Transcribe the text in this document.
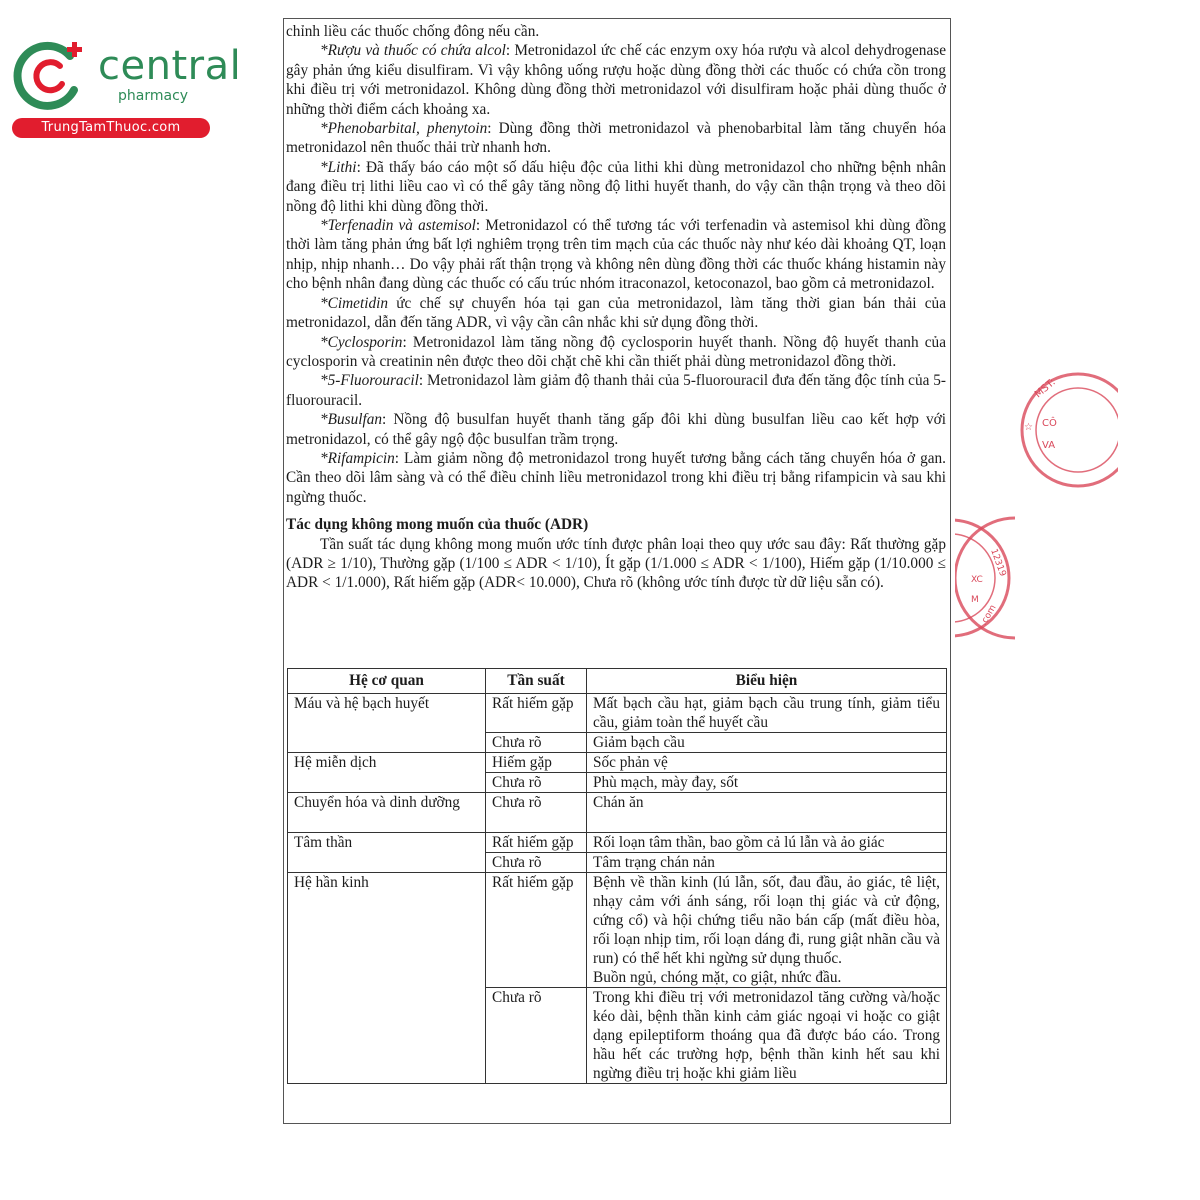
central
pharmacy
TrungTamThuoc.com

chỉnh liều các thuốc chống đông nếu cần.

*Rượu và thuốc có chứa alcol: Metronidazol ức chế các enzym oxy hóa rượu và alcol dehydrogenase gây phản ứng kiểu disulfiram. Vì vậy không uống rượu hoặc dùng đồng thời các thuốc có chứa cồn trong khi điều trị với metronidazol. Không dùng đồng thời metronidazol với disulfiram hoặc phải dùng thuốc ở những thời điểm cách khoảng xa.

*Phenobarbital, phenytoin: Dùng đồng thời metronidazol và phenobarbital làm tăng chuyển hóa metronidazol nên thuốc thải trừ nhanh hơn.

*Lithi: Đã thấy báo cáo một số dấu hiệu độc của lithi khi dùng metronidazol cho những bệnh nhân đang điều trị lithi liều cao vì có thể gây tăng nồng độ lithi huyết thanh, do vậy cần thận trọng và theo dõi nồng độ lithi khi dùng đồng thời.

*Terfenadin và astemisol: Metronidazol có thể tương tác với terfenadin và astemisol khi dùng đồng thời làm tăng phản ứng bất lợi nghiêm trọng trên tim mạch của các thuốc này như kéo dài khoảng QT, loạn nhịp, nhịp nhanh… Do vậy phải rất thận trọng và không nên dùng đồng thời các thuốc kháng histamin này cho bệnh nhân đang dùng các thuốc có cấu trúc nhóm itraconazol, ketoconazol, bao gồm cả metronidazol.

*Cimetidin ức chế sự chuyển hóa tại gan của metronidazol, làm tăng thời gian bán thải của metronidazol, dẫn đến tăng ADR, vì vậy cần cân nhắc khi sử dụng đồng thời.

*Cyclosporin: Metronidazol làm tăng nồng độ cyclosporin huyết thanh. Nồng độ huyết thanh của cyclosporin và creatinin nên được theo dõi chặt chẽ khi cần thiết phải dùng metronidazol đồng thời.

*5-Fluorouracil: Metronidazol làm giảm độ thanh thải của 5-fluorouracil đưa đến tăng độc tính của 5-fluorouracil.

*Busulfan: Nồng độ busulfan huyết thanh tăng gấp đôi khi dùng busulfan liều cao kết hợp với metronidazol, có thể gây ngộ độc busulfan trầm trọng.

*Rifampicin: Làm giảm nồng độ metronidazol trong huyết tương bằng cách tăng chuyển hóa ở gan. Cần theo dõi lâm sàng và có thể điều chỉnh liều metronidazol trong khi điều trị bằng rifampicin và sau khi ngừng thuốc.

Tác dụng không mong muốn của thuốc (ADR)

Tần suất tác dụng không mong muốn ước tính được phân loại theo quy ước sau đây: Rất thường gặp (ADR ≥ 1/10), Thường gặp (1/100 ≤ ADR < 1/10), Ít gặp (1/1.000 ≤ ADR < 1/100), Hiếm gặp (1/10.000 ≤ ADR < 1/1.000), Rất hiếm gặp (ADR< 10.000), Chưa rõ (không ước tính được từ dữ liệu sẵn có).

Hệ cơ quan	Tần suất	Biểu hiện
Máu và hệ bạch huyết	Rất hiếm gặp	Mất bạch cầu hạt, giảm bạch cầu trung tính, giảm tiểu cầu, giảm toàn thể huyết cầu
	Chưa rõ	Giảm bạch cầu
Hệ miễn dịch	Hiếm gặp	Sốc phản vệ
	Chưa rõ	Phù mạch, mày đay, sốt
Chuyển hóa và dinh dưỡng	Chưa rõ	Chán ăn
Tâm thần	Rất hiếm gặp	Rối loạn tâm thần, bao gồm cả lú lẫn và ảo giác
	Chưa rõ	Tâm trạng chán nản
Hệ hần kinh	Rất hiếm gặp	Bệnh về thần kinh (lú lẫn, sốt, đau đầu, ảo giác, tê liệt, nhạy cảm với ánh sáng, rối loạn thị giác và cử động, cứng cổ) và hội chứng tiểu não bán cấp (mất điều hòa, rối loạn nhịp tim, rối loạn dáng đi, rung giật nhãn cầu và run) có thể hết khi ngừng sử dụng thuốc.
Buồn ngủ, chóng mặt, co giật, nhức đầu.

	Chưa rõ	Trong khi điều trị với metronidazol tăng cường và/hoặc kéo dài, bệnh thần kinh cảm giác ngoại vi hoặc co giật dạng epileptiform thoáng qua đã được báo cáo. Trong hầu hết các trường hợp, bệnh thần kinh hết sau khi ngừng điều trị hoặc khi giảm liều
MST:
CÔ
VA
☆
12319
XC
M
.com
